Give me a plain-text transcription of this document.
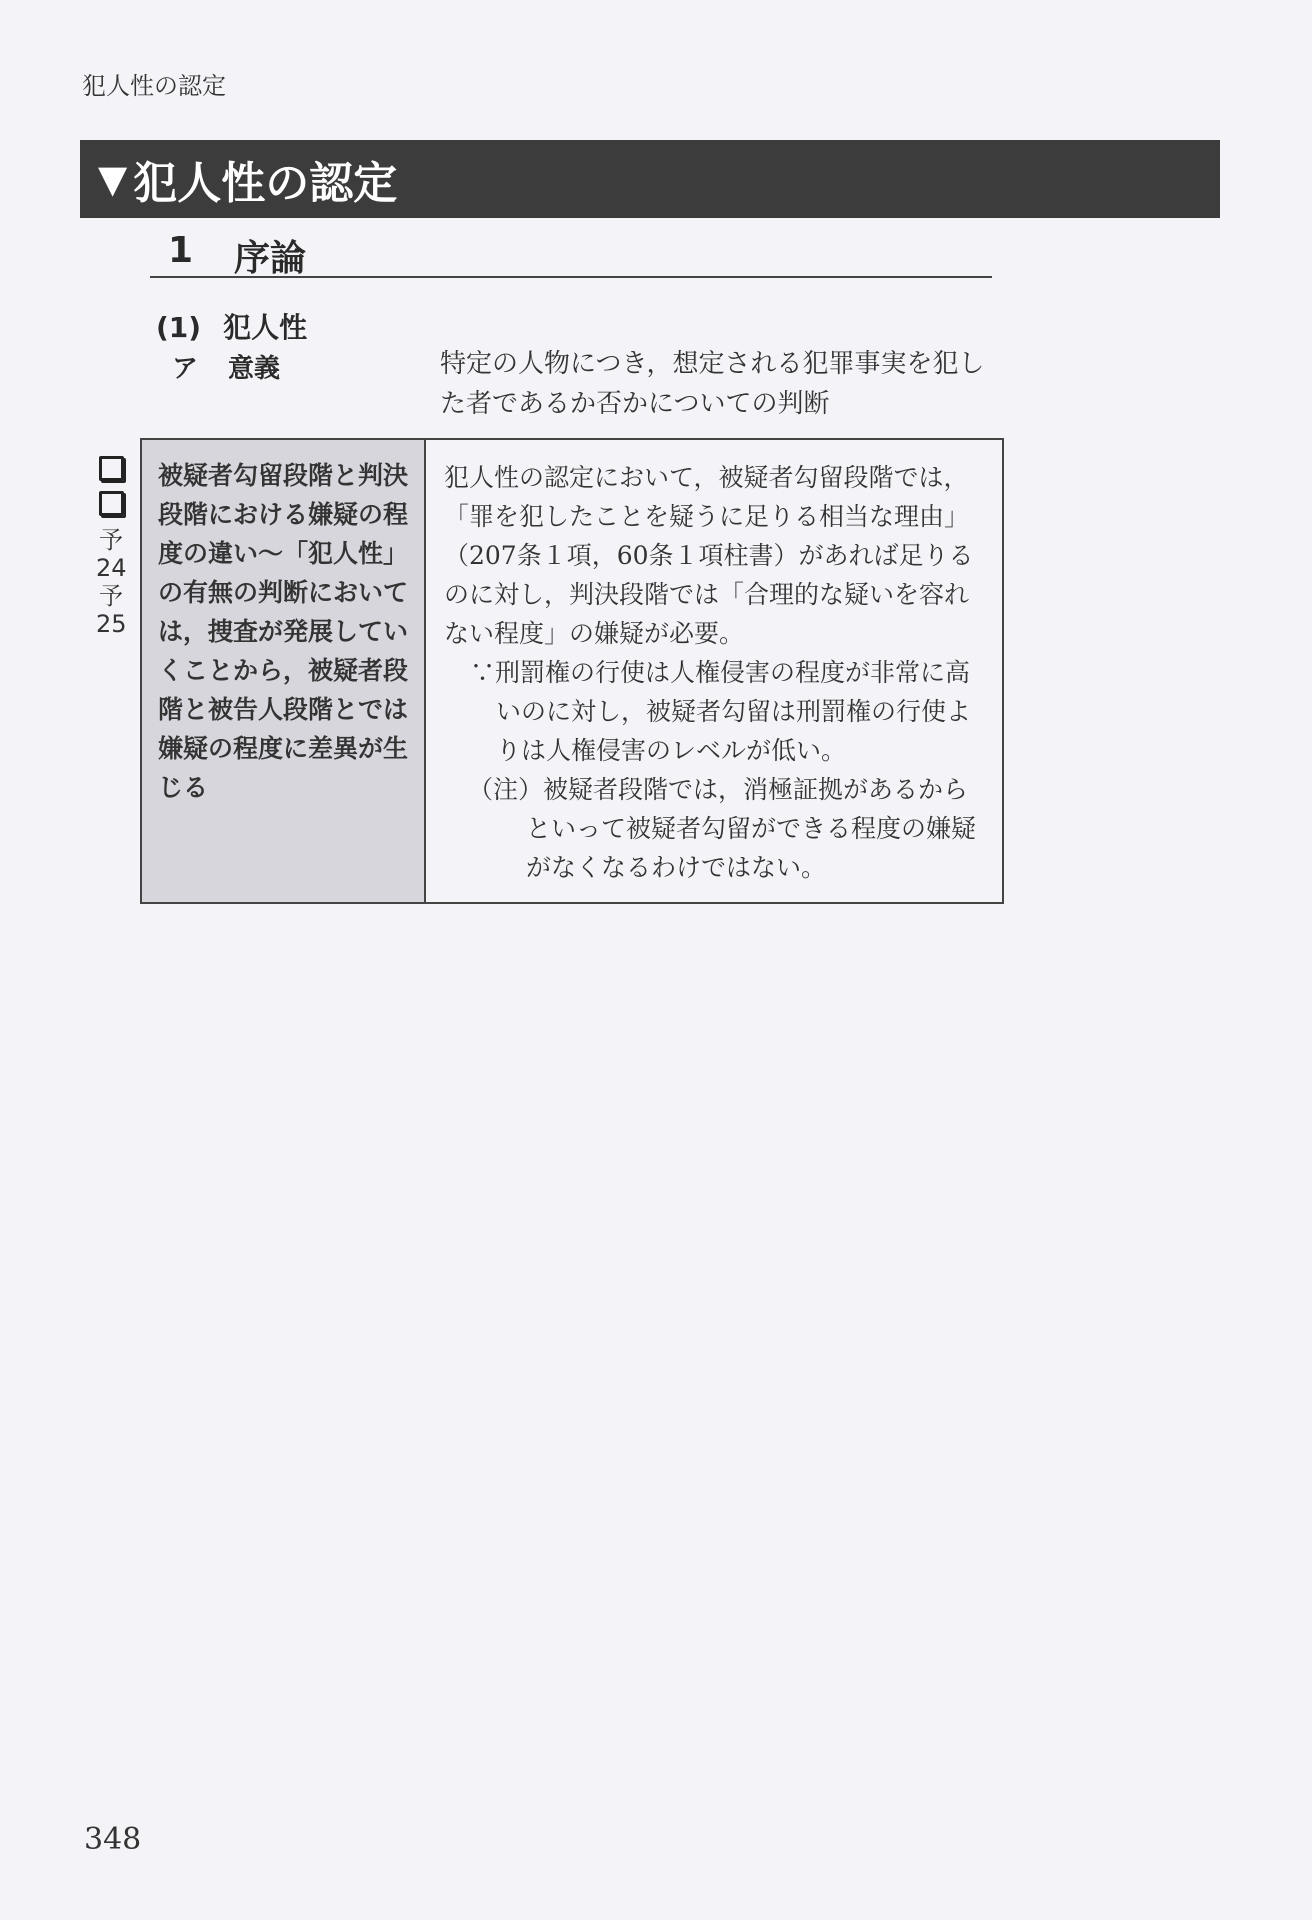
犯人性の認定
▼ 犯人性の認定
1 序論
(1) 犯人性
ア 意義	特定の人物につき，想定される犯罪事実を犯した者であるか否かについての判断
予24
予25
被疑者勾留段階と判決段階における嫌疑の程度の違い～「犯人性」の有無の判断においては，捜査が発展していくことから，被疑者段階と被告人段階とでは嫌疑の程度に差異が生じる

犯人性の認定において，被疑者勾留段階では，「罪を犯したことを疑うに足りる相当な理由」（207条１項，60条１項柱書）があれば足りるのに対し，判決段階では「合理的な疑いを容れない程度」の嫌疑が必要。

∵刑罰権の行使は人権侵害の程度が非常に高いのに対し，被疑者勾留は刑罰権の行使よりは人権侵害のレベルが低い。

（注）被疑者段階では，消極証拠があるからといって被疑者勾留ができる程度の嫌疑がなくなるわけではない。

348
